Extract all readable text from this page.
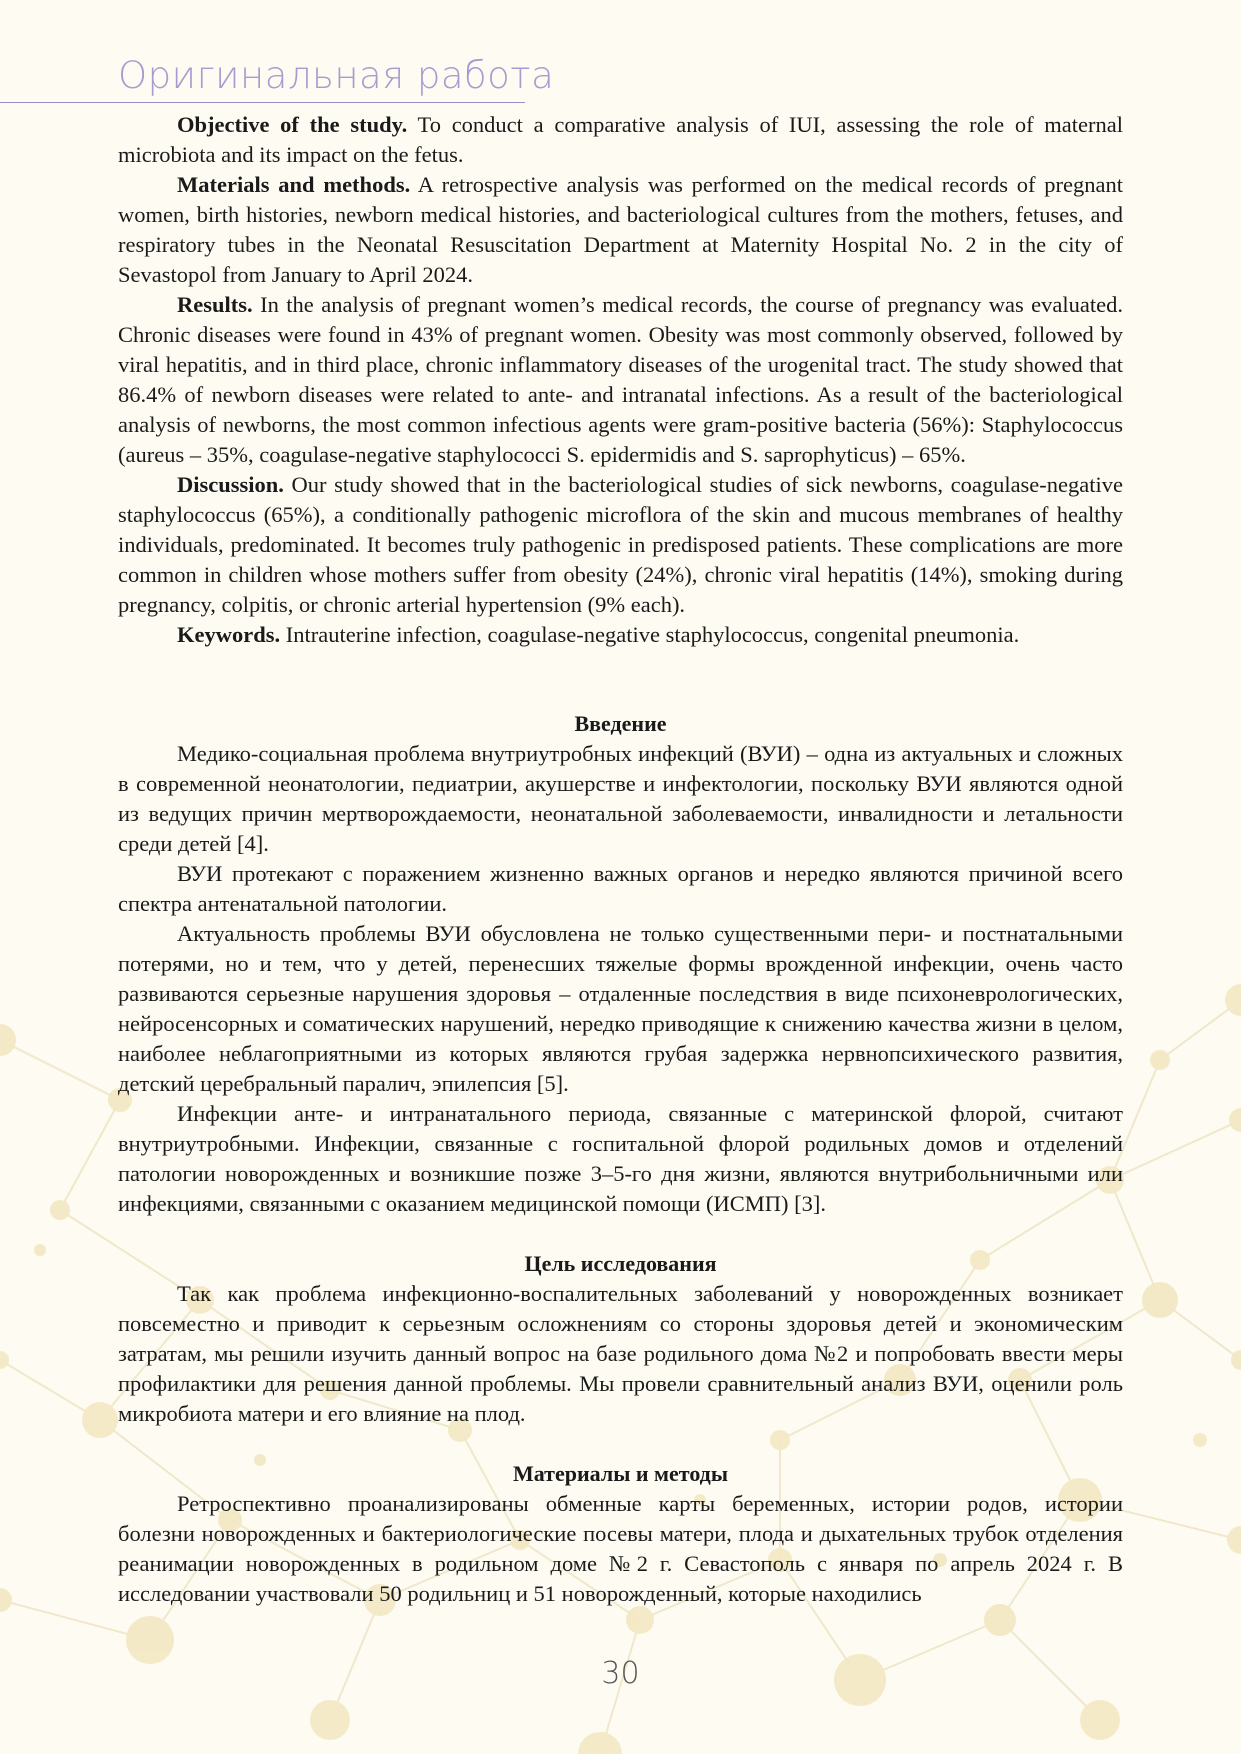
Оригинальная работа

Objective of the study. To conduct a comparative analysis of IUI, assessing the role of maternal microbiota and its impact on the fetus.

Materials and methods. A retrospective analysis was performed on the medical records of pregnant women, birth histories, newborn medical histories, and bacteriological cultures from the mothers, fetuses, and respiratory tubes in the Neonatal Resuscitation Department at Maternity Hospital No. 2 in the city of Sevastopol from January to April 2024.

Results. In the analysis of pregnant women’s medical records, the course of pregnancy was evaluated. Chronic diseases were found in 43% of pregnant women. Obesity was most commonly observed, followed by viral hepatitis, and in third place, chronic inflammatory diseases of the urogenital tract. The study showed that 86.4% of newborn diseases were related to ante- and intranatal infections. As a result of the bacteriological analysis of newborns, the most common infectious agents were gram-positive bacteria (56%): Staphylococcus (aureus – 35%, coagulase-negative staphylococci S. epidermidis and S. saprophyticus) – 65%.

Discussion. Our study showed that in the bacteriological studies of sick newborns, coagulase-negative staphylococcus (65%), a conditionally pathogenic microflora of the skin and mucous membranes of healthy individuals, predominated. It becomes truly pathogenic in predisposed patients. These complications are more common in children whose mothers suffer from obesity (24%), chronic viral hepatitis (14%), smoking during pregnancy, colpitis, or chronic arterial hypertension (9% each).

Keywords. Intrauterine infection, coagulase-negative staphylococcus, congenital pneumonia.

Введение

Медико-социальная проблема внутриутробных инфекций (ВУИ) – одна из актуальных и сложных в современной неонатологии, педиатрии, акушерстве и инфектологии, поскольку ВУИ являются одной из ведущих причин мертворождаемости, неонатальной заболеваемости, инвалидности и летальности среди детей [4].

ВУИ протекают с поражением жизненно важных органов и нередко являются причиной всего спектра антенатальной патологии.

Актуальность проблемы ВУИ обусловлена не только существенными пери- и постнатальными потерями, но и тем, что у детей, перенесших тяжелые формы врожденной инфекции, очень часто развиваются серьезные нарушения здоровья – отдаленные последствия в виде психоневрологических, нейросенсорных и соматических нарушений, нередко приводящие к снижению качества жизни в целом, наиболее неблагоприятными из которых являются грубая задержка нервнопсихического развития, детский церебральный паралич, эпилепсия [5].

Инфекции анте- и интранатального периода, связанные с материнской флорой, считают внутриутробными. Инфекции, связанные с госпитальной флорой родильных домов и отделений патологии новорожденных и возникшие позже 3–5-го дня жизни, являются внутрибольничными или инфекциями, связанными с оказанием медицинской помощи (ИСМП) [3].

Цель исследования

Так как проблема инфекционно-воспалительных заболеваний у новорожденных возникает повсеместно и приводит к серьезным осложнениям со стороны здоровья детей и экономическим затратам, мы решили изучить данный вопрос на базе родильного дома №2 и попробовать ввести меры профилактики для решения данной проблемы. Мы провели сравнительный анализ ВУИ, оценили роль микробиота матери и его влияние на плод.

Материалы и методы

Ретроспективно проанализированы обменные карты беременных, истории родов, истории болезни новорожденных и бактериологические посевы матери, плода и дыхательных трубок отделения реанимации новорожденных в родильном доме №2 г. Севастополь с января по апрель 2024 г. В исследовании участвовали 50 родильниц и 51 новорожденный, которые находились

30
